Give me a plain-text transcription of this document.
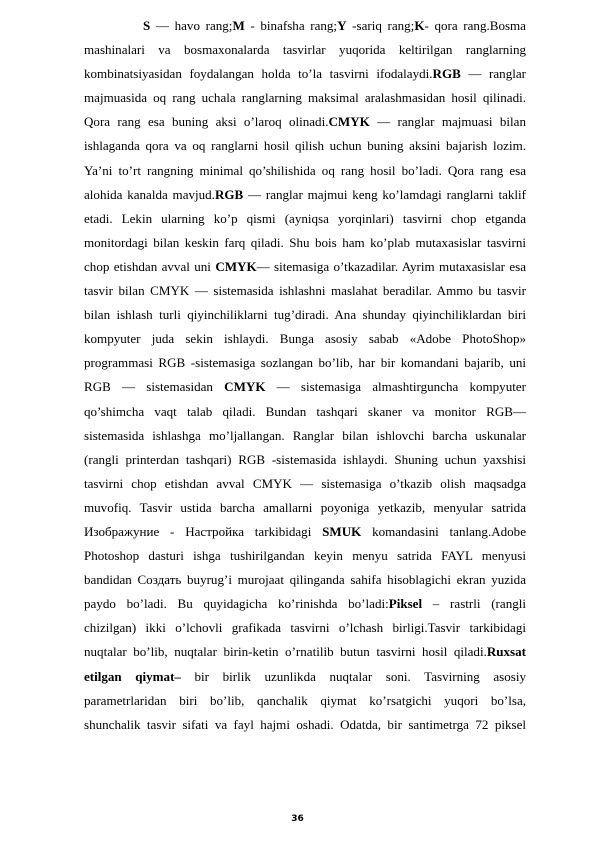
S — havo rang;M - binafsha rang;Y -sariq rang;K- qora rang.Bosma
mashinalari va bosmaxonalarda tasvirlar yuqorida keltirilgan ranglarning
kombinatsiyasidan foydalangan holda to’la tasvirni ifodalaydi.RGB — ranglar
majmuasida oq rang uchala ranglarning maksimal aralashmasidan hosil qilinadi.
Qora rang esa buning aksi o’laroq olinadi.CMYK — ranglar majmuasi bilan
ishlaganda qora va oq ranglarni hosil qilish uchun buning aksini bajarish lozim.
Ya’ni to’rt rangning minimal qo’shilishida oq rang hosil bo’ladi. Qora rang esa
alohida kanalda mavjud.RGB — ranglar majmui keng ko’lamdagi ranglarni taklif
etadi. Lekin ularning ko’p qismi (ayniqsa yorqinlari) tasvirni chop etganda
monitordagi bilan keskin farq qiladi. Shu bois ham ko’plab mutaxasislar tasvirni
chop etishdan avval uni CMYK— sitemasiga o’tkazadilar. Ayrim mutaxasislar esa
tasvir bilan CMYK — sistemasida ishlashni maslahat beradilar. Ammo bu tasvir
bilan ishlash turli qiyinchiliklarni tug’diradi. Ana shunday qiyinchiliklardan biri
kompyuter juda sekin ishlaydi. Bunga asosiy sabab «Adobe PhotoShop»
programmasi RGB -sistemasiga sozlangan bo’lib, har bir komandani bajarib, uni
RGB — sistemasidan CMYK — sistemasiga almashtirguncha kompyuter
qo’shimcha vaqt talab qiladi. Bundan tashqari skaner va monitor RGB—
sistemasida ishlashga mo’ljallangan. Ranglar bilan ishlovchi barcha uskunalar
(rangli printerdan tashqari) RGB -sistemasida ishlaydi. Shuning uchun yaxshisi
tasvirni chop etishdan avval CMYK — sistemasiga o’tkazib olish maqsadga
muvofiq. Tasvir ustida barcha amallarni poyoniga yetkazib, menyular satrida
Изображуние - Настройка tarkibidagi SMUK komandasini tanlang.Adobe
Photoshop dasturi ishga tushirilgandan keyin menyu satrida FAYL menyusi
bandidan Создать buyrug’i murojaat qilinganda sahifa hisoblagichi ekran yuzida
paydo bo’ladi. Bu quyidagicha ko’rinishda bo’ladi:Piksel – rastrli (rangli
chizilgan) ikki o’lchovli grafikada tasvirni o’lchash birligi.Tasvir tarkibidagi
nuqtalar bo’lib, nuqtalar birin-ketin o’rnatilib butun tasvirni hosil qiladi.Ruxsat
etilgan qiymat– bir birlik uzunlikda nuqtalar soni. Tasvirning asosiy
parametrlaridan biri bo’lib, qanchalik qiymat ko’rsatgichi yuqori bo’lsa,
shunchalik tasvir sifati va fayl hajmi oshadi. Odatda, bir santimetrga 72 piksel
36
